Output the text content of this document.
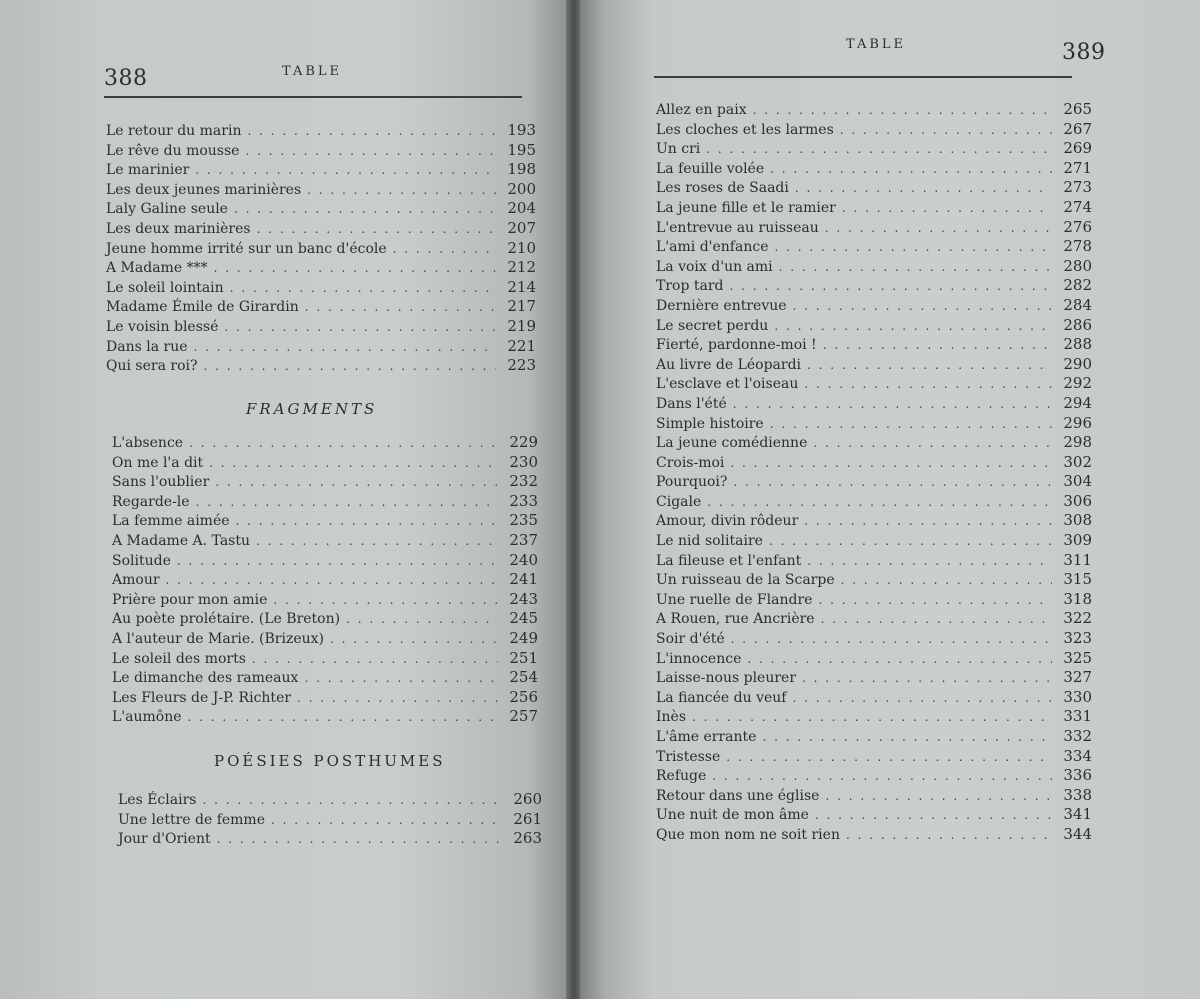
388	TABLE
Le retour du marin . . .	193
Le rêve du mousse . . .	195
Le marinier . . .	198
Les deux jeunes marinières . . .	200
Laly Galine seule . . .	204
Les deux marinières . . .	207
Jeune homme irrité sur un banc d'école . . .	210
A Madame *** . . .	212
Le soleil lointain . . .	214
Madame Émile de Girardin . . .	217
Le voisin blessé . . .	219
Dans la rue . . .	221
Qui sera roi? . . .	223
FRAGMENTS
L'absence . . .	229
On me l'a dit . . .	230
Sans l'oublier . . .	232
Regarde-le . . .	233
La femme aimée . . .	235
A Madame A. Tastu . . .	237
Solitude . . .	240
Amour . . .	241
Prière pour mon amie . . .	243
Au poète prolétaire. (Le Breton) . . .	245
A l'auteur de Marie. (Brizeux) . . .	249
Le soleil des morts . . .	251
Le dimanche des rameaux . . .	254
Les Fleurs de J-P. Richter . . .	256
L'aumône . . .	257
POÉSIES POSTHUMES
Les Éclairs . . .	260
Une lettre de femme . . .	261
Jour d'Orient . . .	263
TABLE	389
Allez en paix . . .	265
Les cloches et les larmes . . .	267
Un cri . . .	269
La feuille volée . . .	271
Les roses de Saadi . . .	273
La jeune fille et le ramier . . .	274
L'entrevue au ruisseau . . .	276
L'ami d'enfance . . .	278
La voix d'un ami . . .	280
Trop tard . . .	282
Dernière entrevue . . .	284
Le secret perdu . . .	286
Fierté, pardonne-moi ! . . .	288
Au livre de Léopardi . . .	290
L'esclave et l'oiseau . . .	292
Dans l'été . . .	294
Simple histoire . . .	296
La jeune comédienne . . .	298
Crois-moi . . .	302
Pourquoi? . . .	304
Cigale . . .	306
Amour, divin rôdeur . . .	308
Le nid solitaire . . .	309
La fileuse et l'enfant . . .	311
Un ruisseau de la Scarpe . . .	315
Une ruelle de Flandre . . .	318
A Rouen, rue Ancrière . . .	322
Soir d'été . . .	323
L'innocence . . .	325
Laisse-nous pleurer . . .	327
La fiancée du veuf . . .	330
Inès . . .	331
L'âme errante . . .	332
Tristesse . . .	334
Refuge . . .	336
Retour dans une église . . .	338
Une nuit de mon âme . . .	341
Que mon nom ne soit rien . . .	344
